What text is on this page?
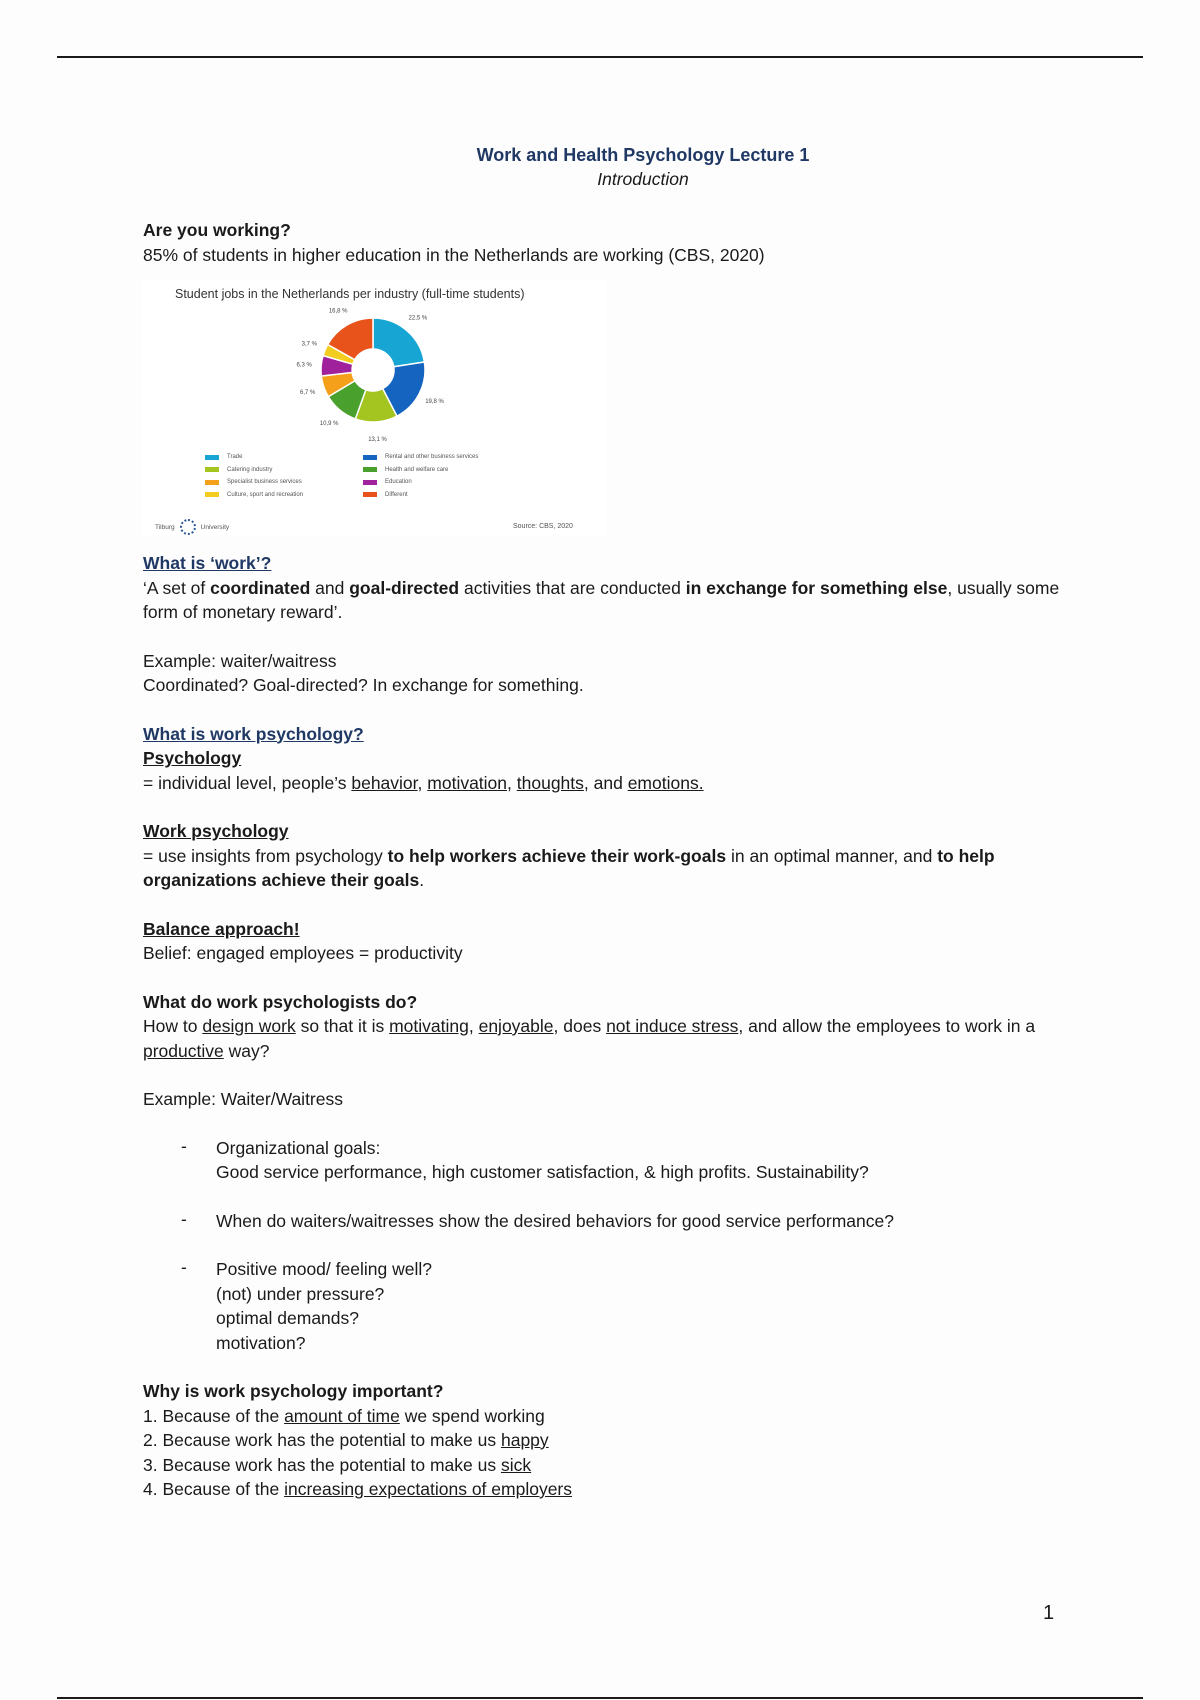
Work and Health Psychology Lecture 1
Introduction

Are you working?

85% of students in higher education in the Netherlands are working (CBS, 2020)

Student jobs in the Netherlands per industry (full-time students)
22,5 %
19,8 %
13,1 %
10,9 %
6,7 %
6,3 %
3,7 %
16,8 %
Trade
Catering industry
Specialist business services
Culture, sport and recreation
Rental and other business services
Health and welfare care
Education
Different
Tilburg	University	Source: CBS, 2020

What is ‘work’?

‘A set of coordinated and goal-directed activities that are conducted in exchange for something else, usually some form of monetary reward’.

Example: waiter/waitress

Coordinated? Goal-directed? In exchange for something.

What is work psychology?

Psychology

= individual level, people’s behavior, motivation, thoughts, and emotions.

Work psychology

= use insights from psychology to help workers achieve their work-goals in an optimal manner, and to help organizations achieve their goals.

Balance approach!

Belief: engaged employees = productivity

What do work psychologists do?

How to design work so that it is motivating, enjoyable, does not induce stress, and allow the employees to work in a productive way?

Example: Waiter/Waitress

-	Organizational goals:

Good service performance, high customer satisfaction, & high profits. Sustainability?

-	When do waiters/waitresses show the desired behaviors for good service performance?

-	Positive mood/ feeling well?

(not) under pressure?

optimal demands?

motivation?

Why is work psychology important?

1. Because of the amount of time we spend working

2. Because work has the potential to make us happy

3. Because work has the potential to make us sick

4. Because of the increasing expectations of employers

1
